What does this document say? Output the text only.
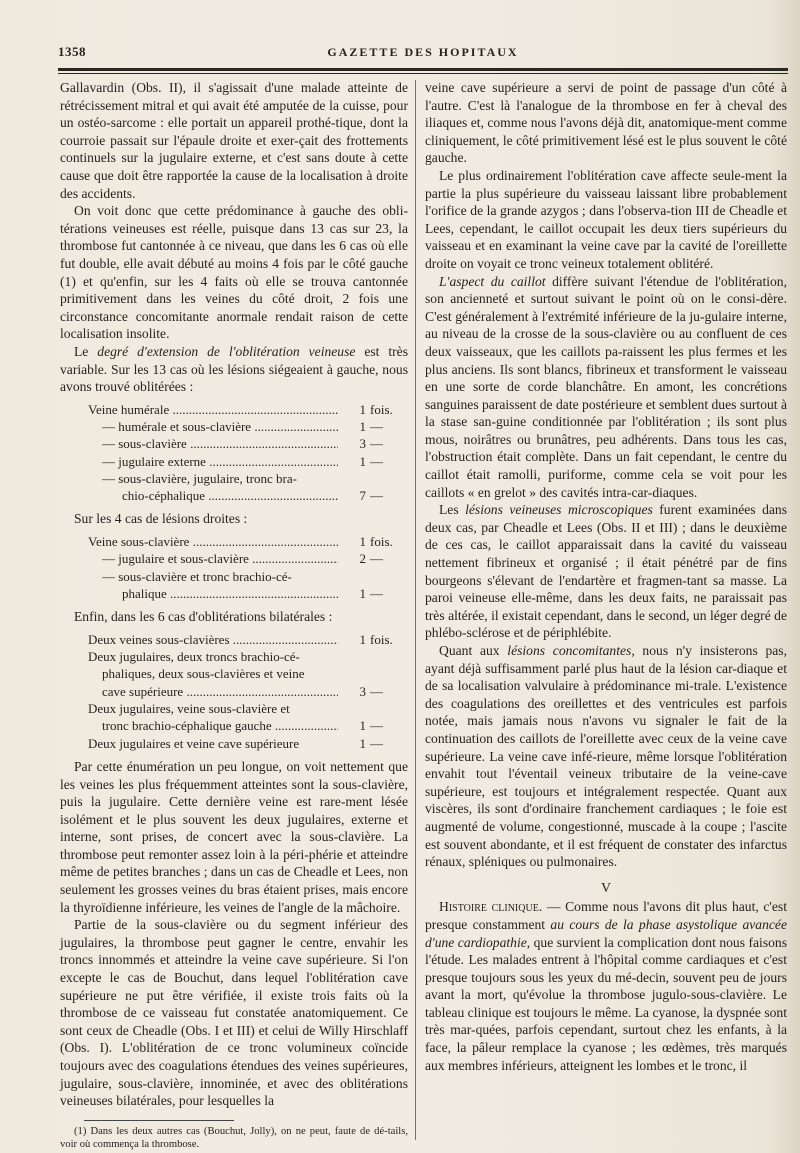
1358	GAZETTE DES HOPITAUX

Gallavardin (Obs. II), il s'agissait d'une malade atteinte de rétrécissement mitral et qui avait été amputée de la cuisse, pour un ostéo-sarcome : elle portait un appareil prothé-tique, dont la courroie passait sur l'épaule droite et exer-çait des frottements continuels sur la jugulaire externe, et c'est sans doute à cette cause que doit être rapportée la cause de la localisation à droite des accidents.

On voit donc que cette prédominance à gauche des obli-térations veineuses est réelle, puisque dans 13 cas sur 23, la thrombose fut cantonnée à ce niveau, que dans les 6 cas où elle fut double, elle avait débuté au moins 4 fois par le côté gauche (1) et qu'enfin, sur les 4 faits où elle se trouva cantonnée primitivement dans les veines du côté droit, 2 fois une circonstance concomitante anormale rendait raison de cette localisation insolite.

Le degré d'extension de l'oblitération veineuse est très variable. Sur les 13 cas où les lésions siégeaient à gauche, nous avons trouvé oblitérées :

Veine humérale .....	1 fois.
— humérale et sous-clavière .....	1 —
— sous-clavière .....	3 —
— jugulaire externe .....	1 —
— sous-clavière, jugulaire, tronc bra-
chio-céphalique .....	7 —

Sur les 4 cas de lésions droites :

Veine sous-clavière .....	1 fois.
— jugulaire et sous-clavière .....	2 —
— sous-clavière et tronc brachio-cé-
phalique .....	1 —

Enfin, dans les 6 cas d'oblitérations bilatérales :

Deux veines sous-clavières .....	1 fois.
Deux jugulaires, deux troncs brachio-cé-
phaliques, deux sous-clavières et veine
cave supérieure .....	3 —
Deux jugulaires, veine sous-clavière et
tronc brachio-céphalique gauche .....	1 —
Deux jugulaires et veine cave supérieure	1 —

Par cette énumération un peu longue, on voit nettement que les veines les plus fréquemment atteintes sont la sous-clavière, puis la jugulaire. Cette dernière veine est rare-ment lésée isolément et le plus souvent les deux jugulaires, externe et interne, sont prises, de concert avec la sous-clavière. La thrombose peut remonter assez loin à la péri-phérie et atteindre même de petites branches ; dans un cas de Cheadle et Lees, non seulement les grosses veines du bras étaient prises, mais encore la thyroïdienne inférieure, les veines de l'angle de la mâchoire.

Partie de la sous-clavière ou du segment inférieur des jugulaires, la thrombose peut gagner le centre, envahir les troncs innommés et atteindre la veine cave supérieure. Si l'on excepte le cas de Bouchut, dans lequel l'oblitération cave supérieure ne put être vérifiée, il existe trois faits où la thrombose de ce vaisseau fut constatée anatomiquement. Ce sont ceux de Cheadle (Obs. I et III) et celui de Willy Hirschlaff (Obs. I). L'oblitération de ce tronc volumineux coïncide toujours avec des coagulations étendues des veines supérieures, jugulaire, sous-clavière, innominée, et avec des oblitérations veineuses bilatérales, pour lesquelles la

(1) Dans les deux autres cas (Bouchut, Jolly), on ne peut, faute de dé-tails, voir où commença la thrombose.

veine cave supérieure a servi de point de passage d'un côté à l'autre. C'est là l'analogue de la thrombose en fer à cheval des iliaques et, comme nous l'avons déjà dit, anatomique-ment comme cliniquement, le côté primitivement lésé est le plus souvent le côté gauche.

Le plus ordinairement l'oblitération cave affecte seule-ment la partie la plus supérieure du vaisseau laissant libre probablement l'orifice de la grande azygos ; dans l'observa-tion III de Cheadle et Lees, cependant, le caillot occupait les deux tiers supérieurs du vaisseau et en examinant la veine cave par la cavité de l'oreillette droite on voyait ce tronc veineux totalement oblitéré.

L'aspect du caillot diffère suivant l'étendue de l'oblitération, son ancienneté et surtout suivant le point où on le consi-dère. C'est généralement à l'extrémité inférieure de la ju-gulaire interne, au niveau de la crosse de la sous-clavière ou au confluent de ces deux vaisseaux, que les caillots pa-raissent les plus fermes et les plus anciens. Ils sont blancs, fibrineux et transforment le vaisseau en une sorte de corde blanchâtre. En amont, les concrétions sanguines paraissent de date postérieure et semblent dues surtout à la stase san-guine conditionnée par l'oblitération ; ils sont plus mous, noirâtres ou brunâtres, peu adhérents. Dans tous les cas, l'obstruction était complète. Dans un fait cependant, le centre du caillot était ramolli, puriforme, comme cela se voit pour les caillots « en grelot » des cavités intra-car-diaques.

Les lésions veineuses microscopiques furent examinées dans deux cas, par Cheadle et Lees (Obs. II et III) ; dans le deuxième de ces cas, le caillot apparaissait dans la cavité du vaisseau nettement fibrineux et organisé ; il était pénétré par de fins bourgeons s'élevant de l'endartère et fragmen-tant sa masse. La paroi veineuse elle-même, dans les deux faits, ne paraissait pas très altérée, il existait cependant, dans le second, un léger degré de phlébo-sclérose et de périphlébite.

Quant aux lésions concomitantes, nous n'y insisterons pas, ayant déjà suffisamment parlé plus haut de la lésion car-diaque et de sa localisation valvulaire à prédominance mi-trale. L'existence des coagulations des oreillettes et des ventricules est parfois notée, mais jamais nous n'avons vu signaler le fait de la continuation des caillots de l'oreillette avec ceux de la veine cave supérieure. La veine cave infé-rieure, même lorsque l'oblitération envahit tout l'éventail veineux tributaire de la veine-cave supérieure, est toujours et intégralement respectée. Quant aux viscères, ils sont d'ordinaire franchement cardiaques ; le foie est augmenté de volume, congestionné, muscade à la coupe ; l'ascite est souvent abondante, et il est fréquent de constater des infarctus rénaux, spléniques ou pulmonaires.

V

Histoire clinique. — Comme nous l'avons dit plus haut, c'est presque constamment au cours de la phase asystolique avancée d'une cardiopathie, que survient la complication dont nous faisons l'étude. Les malades entrent à l'hôpital comme cardiaques et c'est presque toujours sous les yeux du mé-decin, souvent peu de jours avant la mort, qu'évolue la thrombose jugulo-sous-clavière. Le tableau clinique est toujours le même. La cyanose, la dyspnée sont très mar-quées, parfois cependant, surtout chez les enfants, à la face, la pâleur remplace la cyanose ; les œdèmes, très marqués aux membres inférieurs, atteignent les lombes et le tronc, il
